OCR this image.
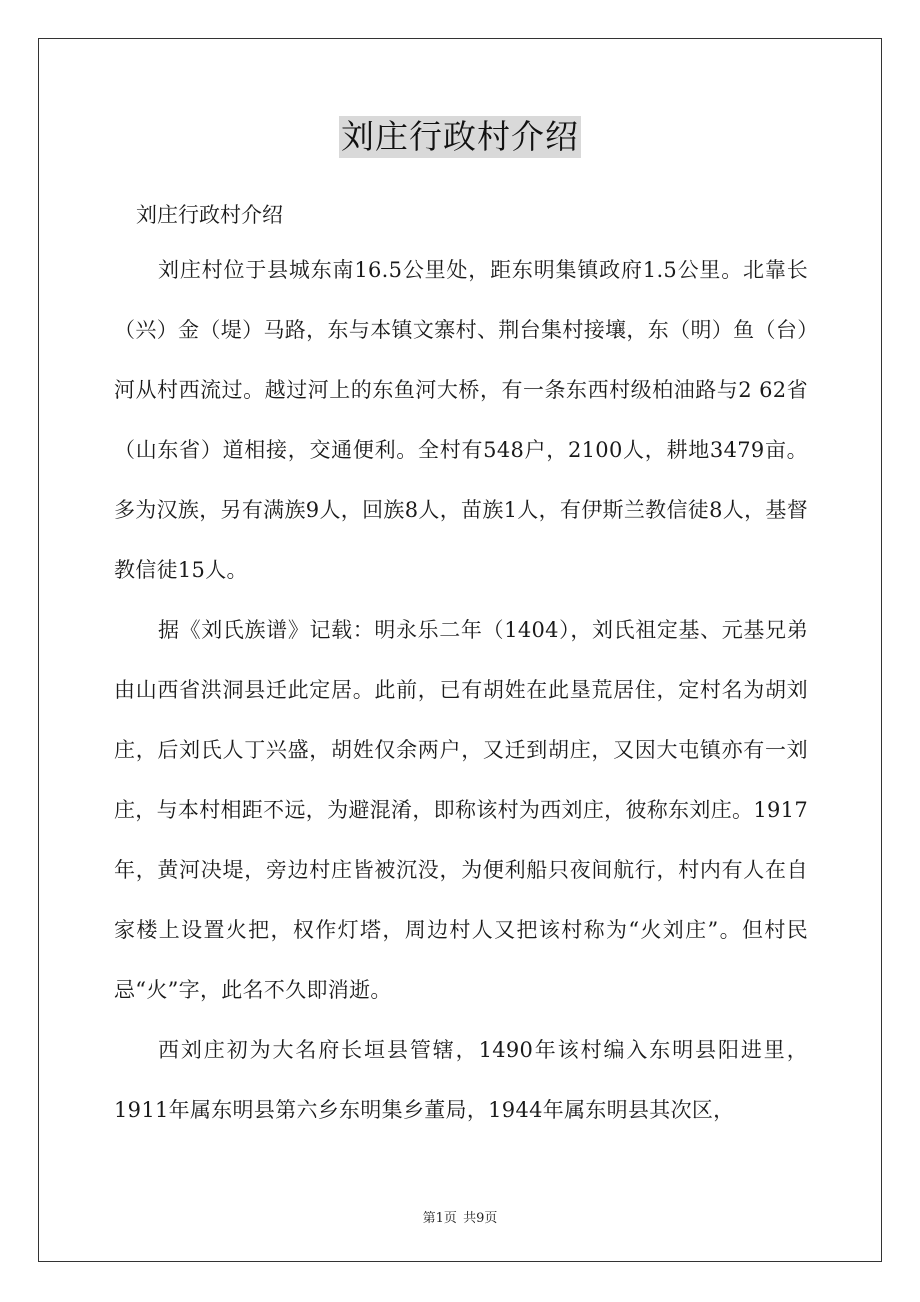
刘庄行政村介绍

刘庄行政村介绍

刘庄村位于县城东南16.5公里处，距东明集镇政府1.5公里。北靠长（兴）金（堤）马路，东与本镇文寨村、荆台集村接壤，东（明）鱼（台）河从村西流过。越过河上的东鱼河大桥，有一条东西村级柏油路与2 62省（山东省）道相接，交通便利。全村有548户，2100人，耕地3479亩。多为汉族，另有满族9人，回族8人，苗族1人，有伊斯兰教信徒8人，基督教信徒15人。

据《刘氏族谱》记载：明永乐二年（1404），刘氏祖定基、元基兄弟由山西省洪洞县迁此定居。此前，已有胡姓在此垦荒居住，定村名为胡刘庄，后刘氏人丁兴盛，胡姓仅余两户，又迁到胡庄，又因大屯镇亦有一刘庄，与本村相距不远，为避混淆，即称该村为西刘庄，彼称东刘庄。1917年，黄河决堤，旁边村庄皆被沉没，为便利船只夜间航行，村内有人在自家楼上设置火把，权作灯塔，周边村人又把该村称为“火刘庄”。但村民忌“火”字，此名不久即消逝。

西刘庄初为大名府长垣县管辖，1490年该村编入东明县阳进里，1911年属东明县第六乡东明集乡董局，1944年属东明县其次区，

第1页 共9页
